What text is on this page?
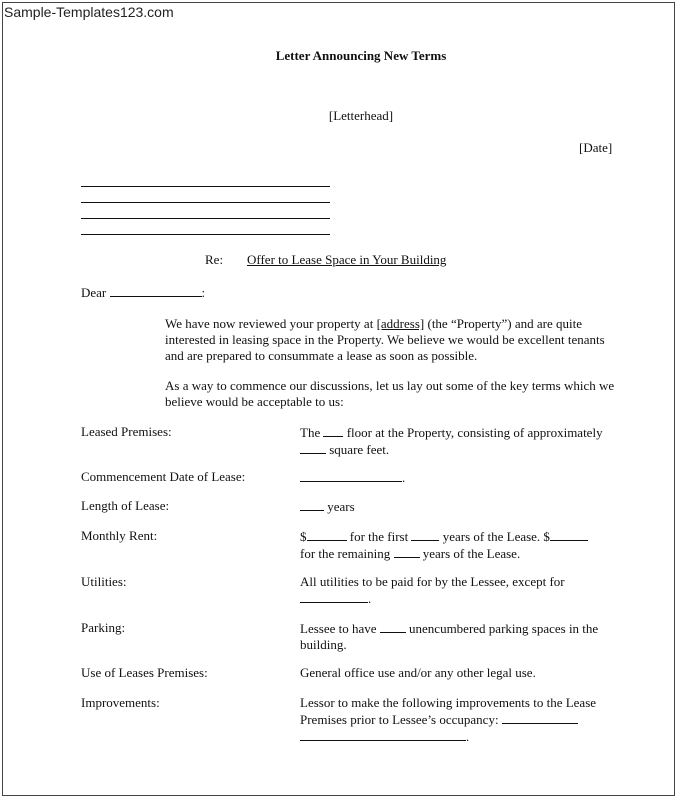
Sample-Templates123.com
Letter Announcing New Terms
[Letterhead]
[Date]
Re: Offer to Lease Space in Your Building
Dear	:

We have now reviewed your property at [address] (the “Property”) and are quite interested in leasing space in the Property. We believe we would be excellent tenants and are prepared to consummate a lease as soon as possible.

As a way to commence our discussions, let us lay out some of the key terms which we believe would be acceptable to us:

Leased Premises:	The  floor at the Property, consisting of approximately  square feet.
Commencement Date of Lease:	.
Length of Lease:	years
Monthly Rent:	$	for the first  years of the Lease. $
for the remaining  years of the Lease.
Utilities:	All utilities to be paid for by the Lessee, except for
.
Parking:	Lessee to have  unencumbered parking spaces in the building.
Use of Leases Premises:	General office use and/or any other legal use.
Improvements:	Lessor to make the following improvements to the Lease Premises prior to Lessee’s occupancy:
.
